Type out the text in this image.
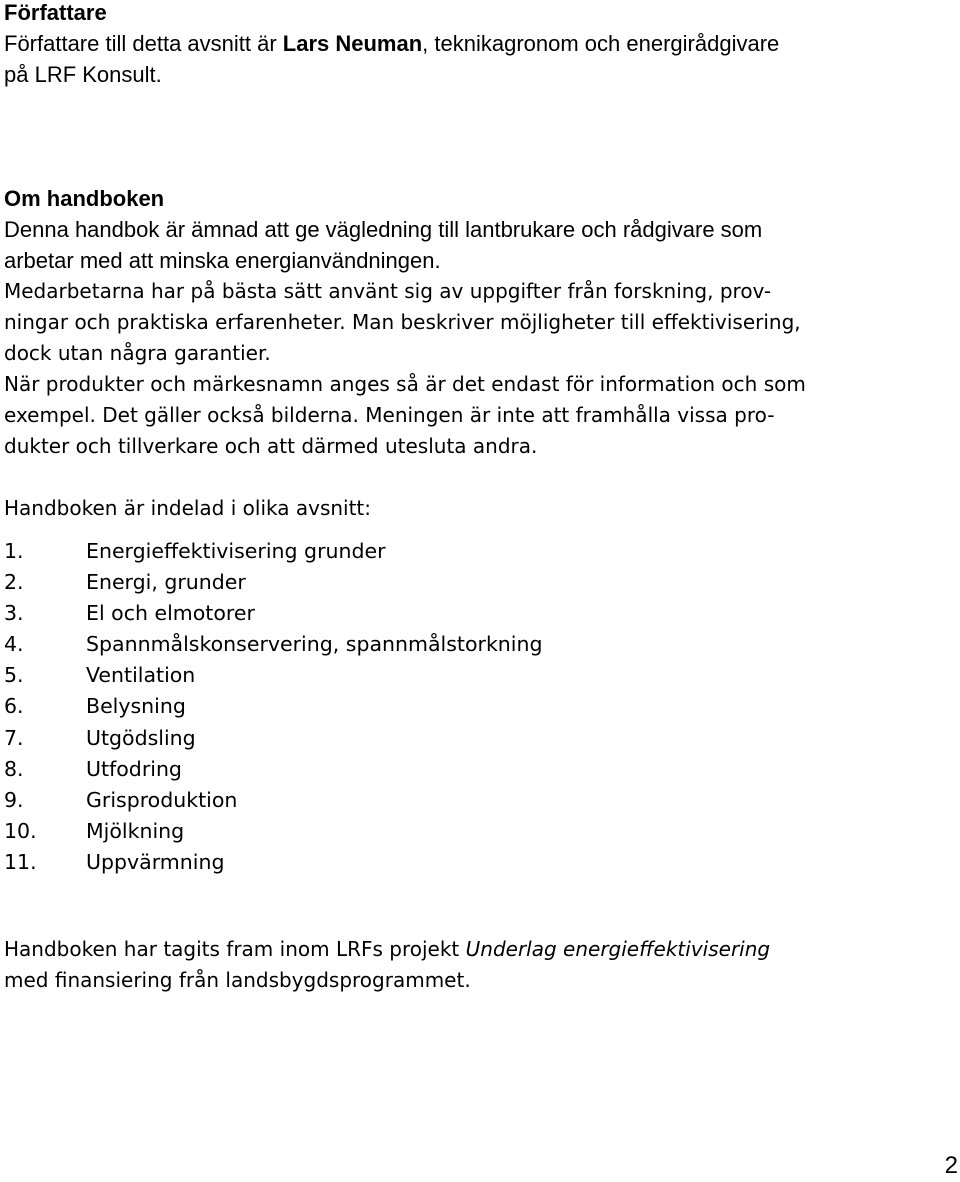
Författare
Författare till detta avsnitt är Lars Neuman, teknikagronom och energirådgivare
på LRF Konsult.
Om handboken
Denna handbok är ämnad att ge vägledning till lantbrukare och rådgivare som
arbetar med att minska energianvändningen.
Medarbetarna har på bästa sätt använt sig av uppgifter från forskning, prov-
ningar och praktiska erfarenheter. Man beskriver möjligheter till effektivisering,
dock utan några garantier.
När produkter och märkesnamn anges så är det endast för information och som
exempel. Det gäller också bilderna. Meningen är inte att framhålla vissa pro-
dukter och tillverkare och att därmed utesluta andra.
Handboken är indelad i olika avsnitt:
1.	Energieffektivisering grunder
2.	Energi, grunder
3.	El och elmotorer
4.	Spannmålskonservering, spannmålstorkning
5.	Ventilation
6.	Belysning
7.	Utgödsling
8.	Utfodring
9.	Grisproduktion
10. Mjölkning
11. Uppvärmning
Handboken har tagits fram inom LRFs projekt Underlag energieffektivisering
med finansiering från landsbygdsprogrammet.
2
